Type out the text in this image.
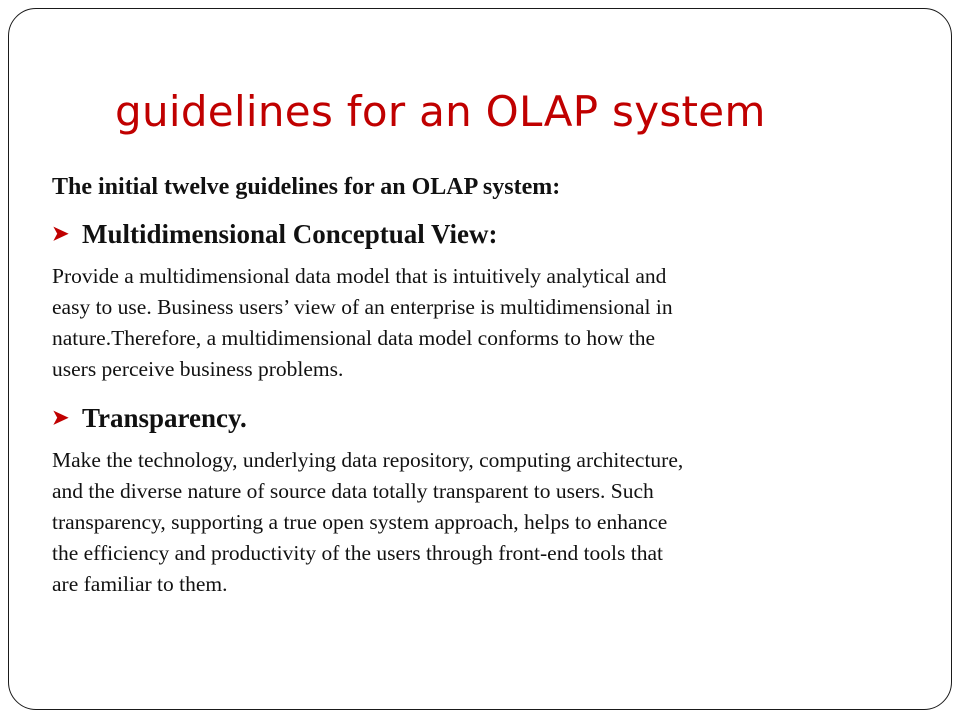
guidelines for an OLAP system

The initial twelve guidelines for an OLAP system:

➤ Multidimensional Conceptual View:

Provide a multidimensional data model that is intuitively analytical and
easy to use. Business users’ view of an enterprise is multidimensional in
nature.Therefore, a multidimensional data model conforms to how the
users perceive business problems.

➤ Transparency.

Make the technology, underlying data repository, computing architecture,
and the diverse nature of source data totally transparent to users. Such
transparency, supporting a true open system approach, helps to enhance
the efficiency and productivity of the users through front-end tools that
are familiar to them.
